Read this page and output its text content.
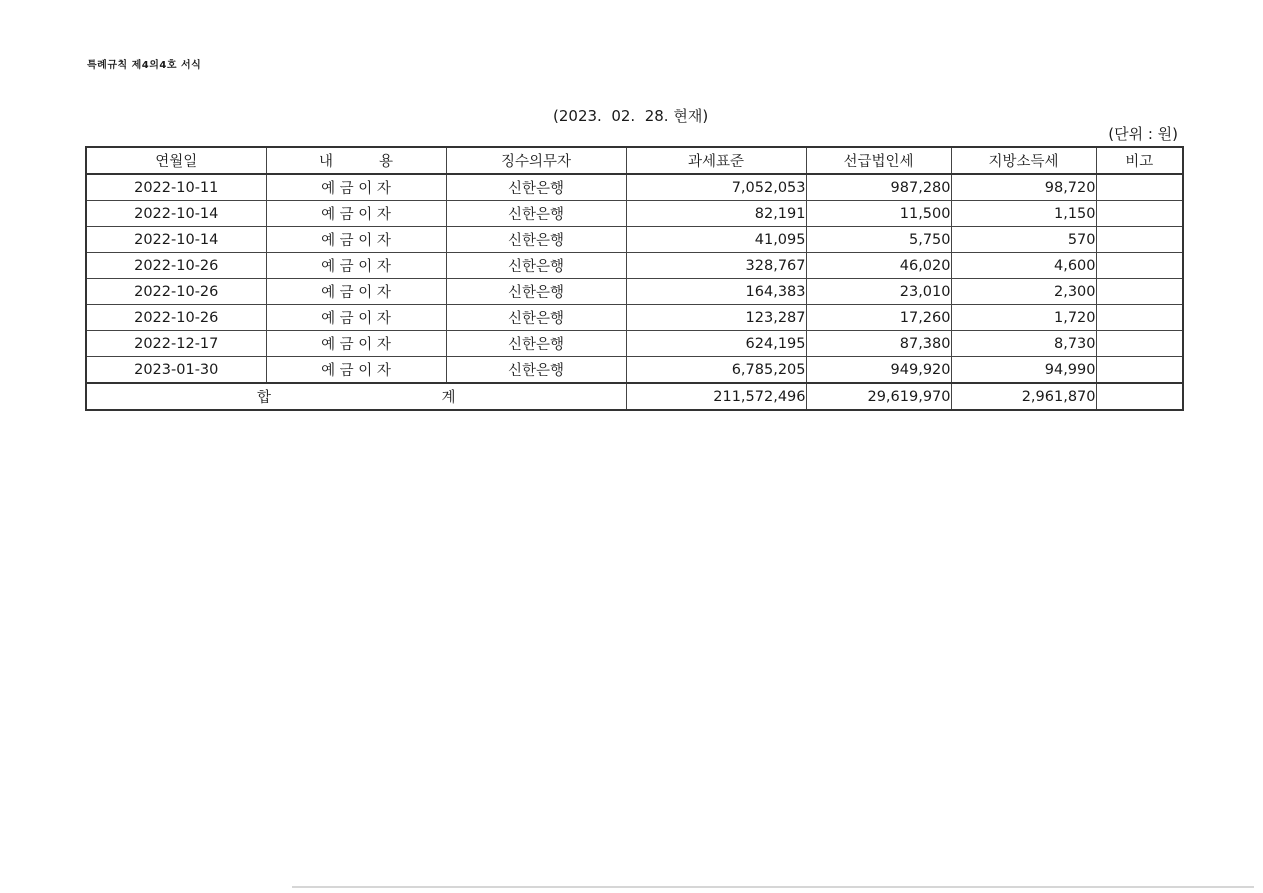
특례규칙 제4의4호 서식
(2023.  02.  28. 현재)
(단위 : 원)
연월일	내          용	징수의무자	과세표준	선급법인세	지방소득세	비고
2022-10-11	예 금 이 자	신한은행	7,052,053	987,280	98,720	
2022-10-14	예 금 이 자	신한은행	82,191	11,500	1,150	
2022-10-14	예 금 이 자	신한은행	41,095	5,750	570	
2022-10-26	예 금 이 자	신한은행	328,767	46,020	4,600	
2022-10-26	예 금 이 자	신한은행	164,383	23,010	2,300	
2022-10-26	예 금 이 자	신한은행	123,287	17,260	1,720	
2022-12-17	예 금 이 자	신한은행	624,195	87,380	8,730	
2023-01-30	예 금 이 자	신한은행	6,785,205	949,920	94,990	
합                                     계			211,572,496	29,619,970	2,961,870	
